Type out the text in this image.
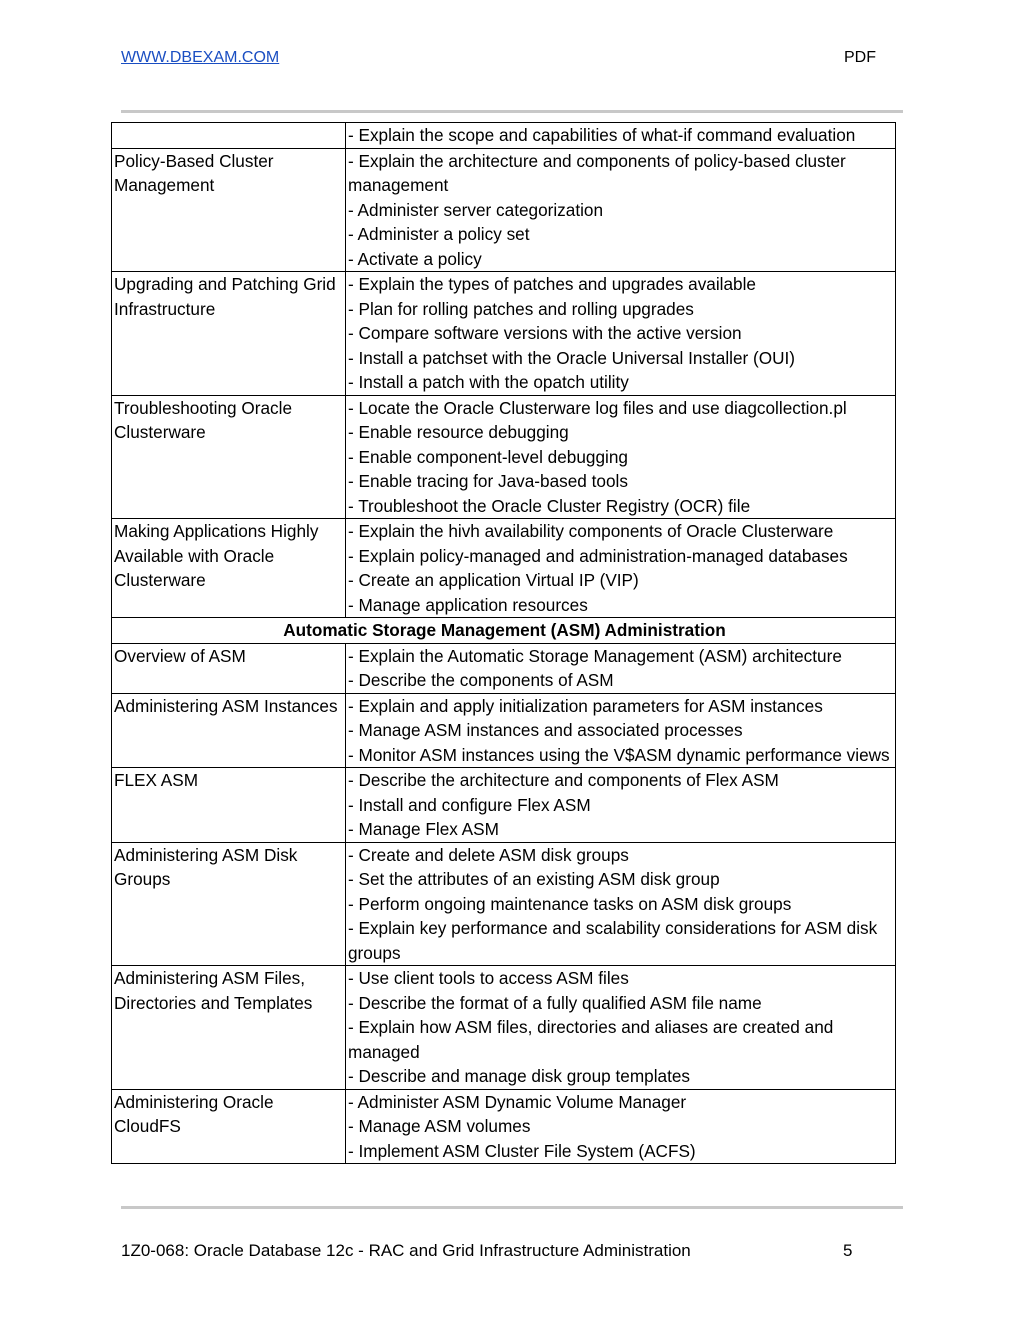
WWW.DBEXAM.COM	PDF

	- Explain the scope and capabilities of what-if command evaluation

Policy-Based Cluster Management	- Explain the architecture and components of policy-based cluster management
- Administer server categorization
- Administer a policy set
- Activate a policy

Upgrading and Patching Grid Infrastructure	- Explain the types of patches and upgrades available
- Plan for rolling patches and rolling upgrades
- Compare software versions with the active version
- Install a patchset with the Oracle Universal Installer (OUI)
- Install a patch with the opatch utility

Troubleshooting Oracle Clusterware	- Locate the Oracle Clusterware log files and use diagcollection.pl
- Enable resource debugging
- Enable component-level debugging
- Enable tracing for Java-based tools
- Troubleshoot the Oracle Cluster Registry (OCR) file

Making Applications Highly Available with Oracle Clusterware	- Explain the hivh availability components of Oracle Clusterware
- Explain policy-managed and administration-managed databases
- Create an application Virtual IP (VIP)
- Manage application resources

Automatic Storage Management (ASM) Administration	
Overview of ASM	- Explain the Automatic Storage Management (ASM) architecture
- Describe the components of ASM

Administering ASM Instances	- Explain and apply initialization parameters for ASM instances
- Manage ASM instances and associated processes
- Monitor ASM instances using the V$ASM dynamic performance views

FLEX ASM	- Describe the architecture and components of Flex ASM
- Install and configure Flex ASM
- Manage Flex ASM

Administering ASM Disk Groups	- Create and delete ASM disk groups
- Set the attributes of an existing ASM disk group
- Perform ongoing maintenance tasks on ASM disk groups
- Explain key performance and scalability considerations for ASM disk groups

Administering ASM Files, Directories and Templates	- Use client tools to access ASM files
- Describe the format of a fully qualified ASM file name
- Explain how ASM files, directories and aliases are created and managed
- Describe and manage disk group templates

Administering Oracle CloudFS	- Administer ASM Dynamic Volume Manager
- Manage ASM volumes
- Implement ASM Cluster File System (ACFS)
1Z0-068: Oracle Database 12c - RAC and Grid Infrastructure Administration	5
